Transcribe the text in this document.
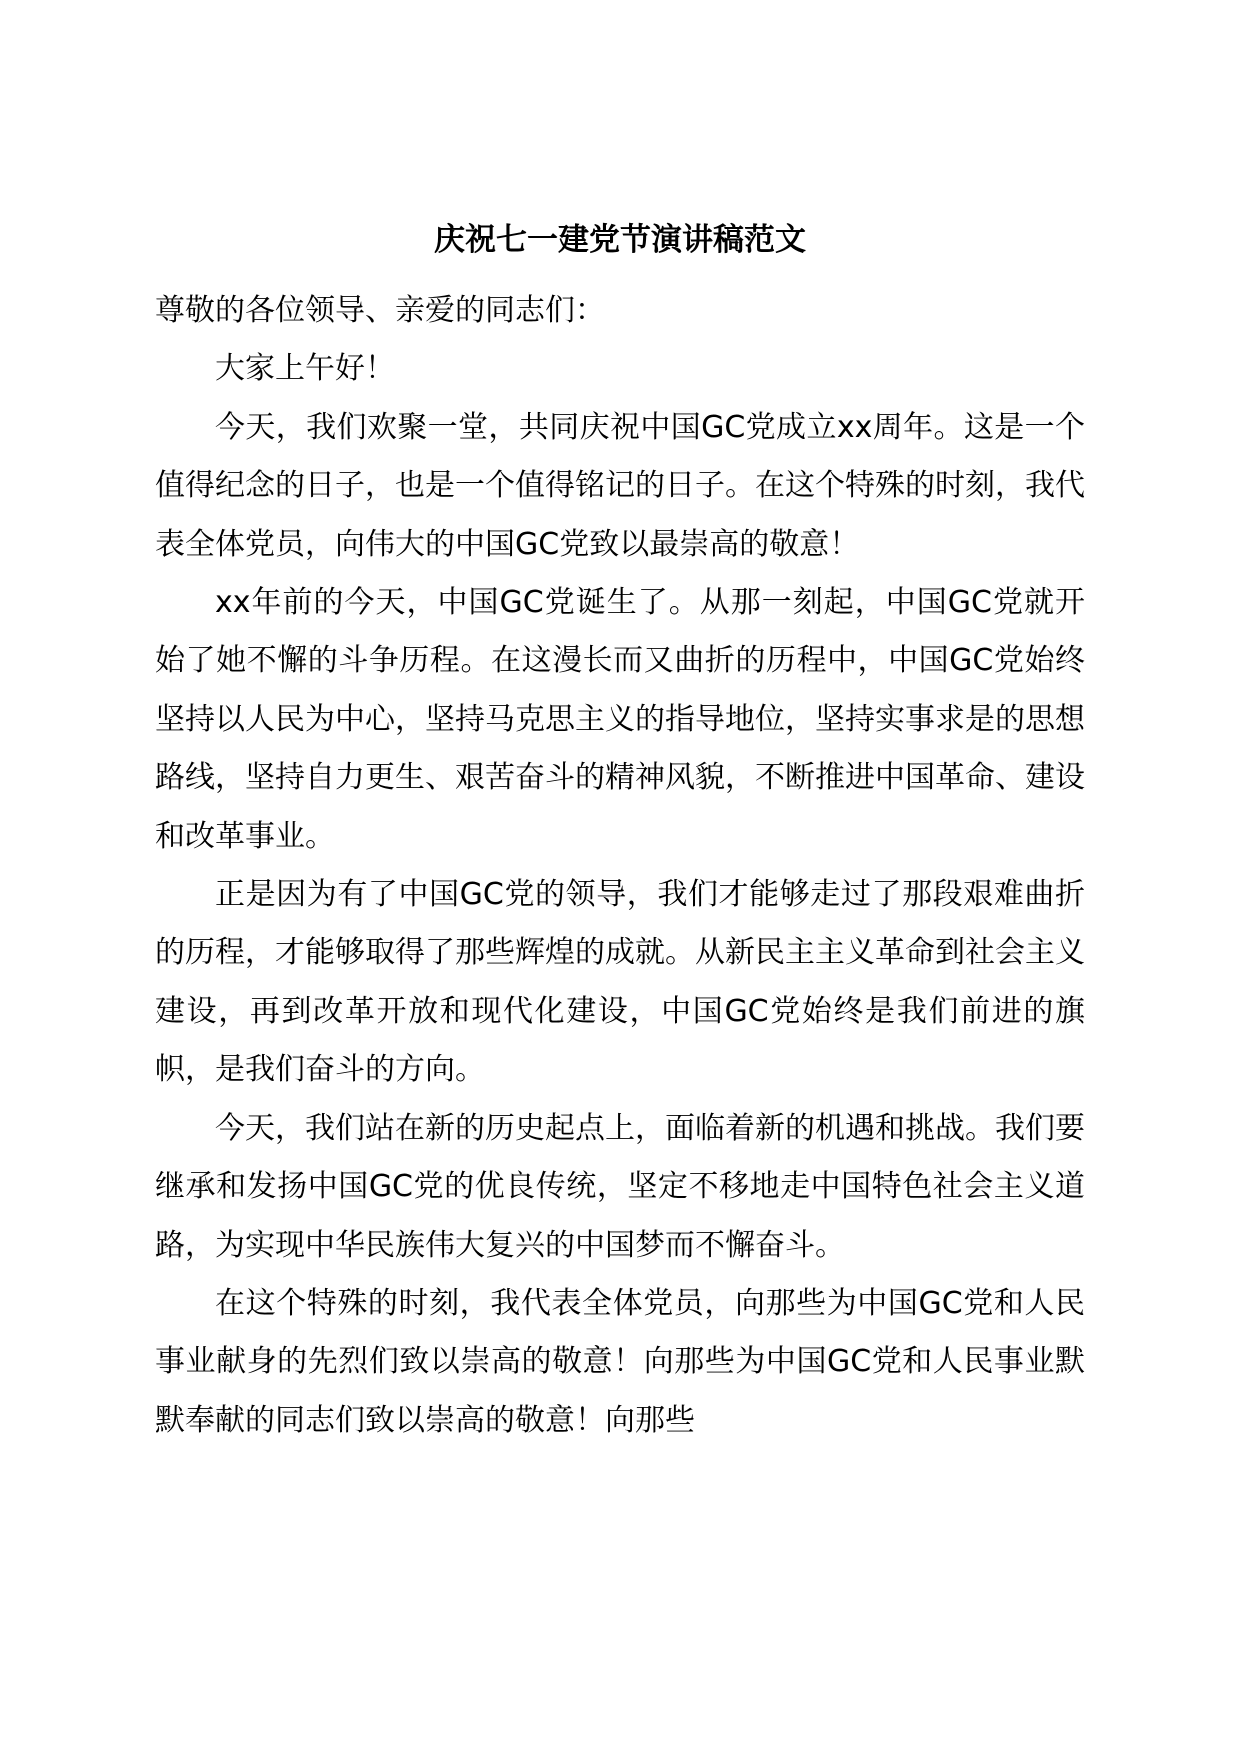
庆祝七一建党节演讲稿范文

尊敬的各位领导、亲爱的同志们：

大家上午好！

今天，我们欢聚一堂，共同庆祝中国GC党成立xx周年。这是一个值得纪念的日子，也是一个值得铭记的日子。在这个特殊的时刻，我代表全体党员，向伟大的中国GC党致以最崇高的敬意！

xx年前的今天，中国GC党诞生了。从那一刻起，中国GC党就开始了她不懈的斗争历程。在这漫长而又曲折的历程中，中国GC党始终坚持以人民为中心，坚持马克思主义的指导地位，坚持实事求是的思想路线，坚持自力更生、艰苦奋斗的精神风貌，不断推进中国革命、建设和改革事业。

正是因为有了中国GC党的领导，我们才能够走过了那段艰难曲折的历程，才能够取得了那些辉煌的成就。从新民主主义革命到社会主义建设，再到改革开放和现代化建设，中国GC党始终是我们前进的旗帜，是我们奋斗的方向。

今天，我们站在新的历史起点上，面临着新的机遇和挑战。我们要继承和发扬中国GC党的优良传统，坚定不移地走中国特色社会主义道路，为实现中华民族伟大复兴的中国梦而不懈奋斗。

在这个特殊的时刻，我代表全体党员，向那些为中国GC党和人民事业献身的先烈们致以崇高的敬意！向那些为中国GC党和人民事业默默奉献的同志们致以崇高的敬意！向那些
